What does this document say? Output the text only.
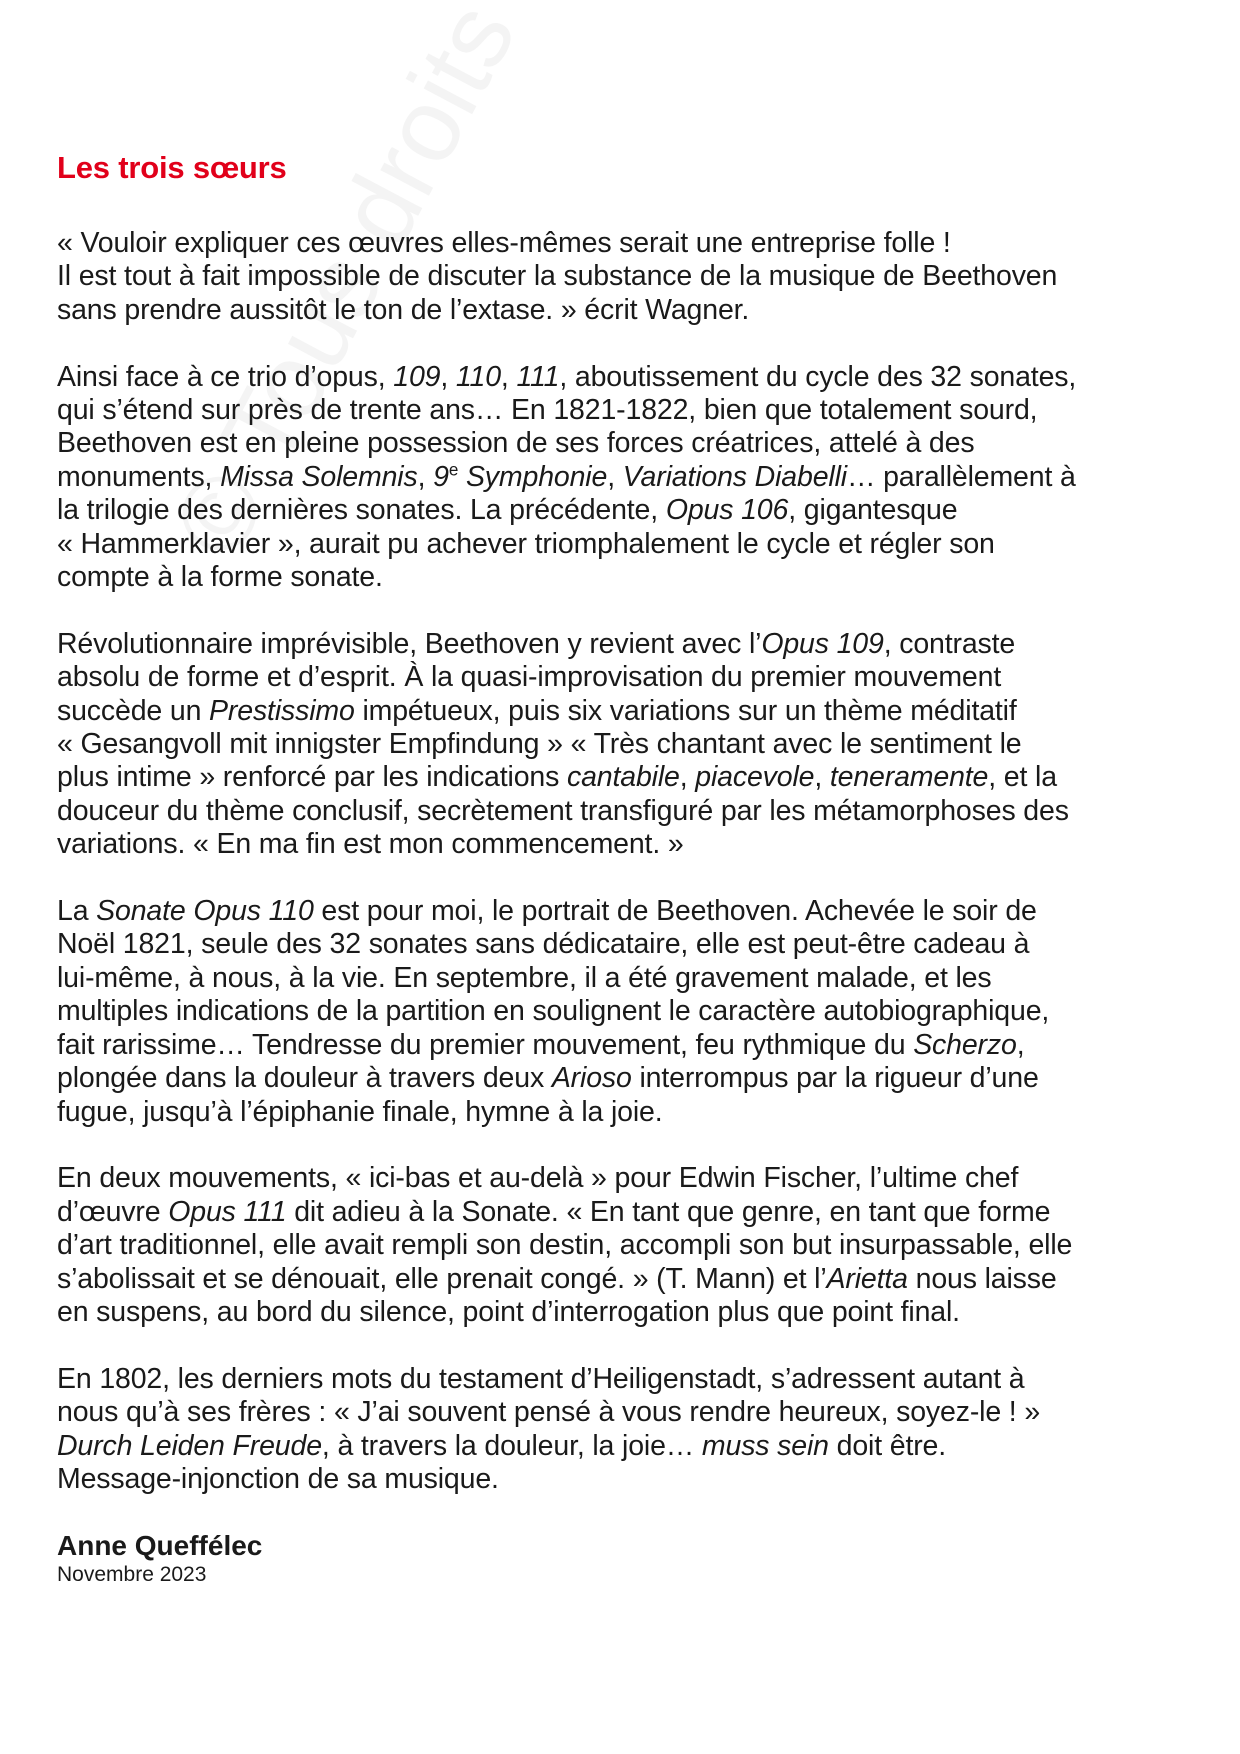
Les trois sœurs
« Vouloir expliquer ces œuvres elles-mêmes serait une entreprise folle !
Il est tout à fait impossible de discuter la substance de la musique de Beethoven
sans prendre aussitôt le ton de l’extase. » écrit Wagner.
Ainsi face à ce trio d’opus, 109, 110, 111, aboutissement du cycle des 32 sonates,
qui s’étend sur près de trente ans… En 1821-1822, bien que totalement sourd,
Beethoven est en pleine possession de ses forces créatrices, attelé à des
monuments, Missa Solemnis, 9e Symphonie, Variations Diabelli… parallèlement à
la trilogie des dernières sonates. La précédente, Opus 106, gigantesque
« Hammerklavier », aurait pu achever triomphalement le cycle et régler son
compte à la forme sonate.
Révolutionnaire imprévisible, Beethoven y revient avec l’Opus 109, contraste
absolu de forme et d’esprit. À la quasi-improvisation du premier mouvement
succède un Prestissimo impétueux, puis six variations sur un thème méditatif
« Gesangvoll mit innigster Empfindung » « Très chantant avec le sentiment le
plus intime » renforcé par les indications cantabile, piacevole, teneramente, et la
douceur du thème conclusif, secrètement transfiguré par les métamorphoses des
variations. « En ma fin est mon commencement. »
La Sonate Opus 110 est pour moi, le portrait de Beethoven. Achevée le soir de
Noël 1821, seule des 32 sonates sans dédicataire, elle est peut-être cadeau à
lui-même, à nous, à la vie. En septembre, il a été gravement malade, et les
multiples indications de la partition en soulignent le caractère autobiographique,
fait rarissime… Tendresse du premier mouvement, feu rythmique du Scherzo,
plongée dans la douleur à travers deux Arioso interrompus par la rigueur d’une
fugue, jusqu’à l’épiphanie finale, hymne à la joie.
En deux mouvements, « ici-bas et au-delà » pour Edwin Fischer, l’ultime chef
d’œuvre Opus 111 dit adieu à la Sonate. « En tant que genre, en tant que forme
d’art traditionnel, elle avait rempli son destin, accompli son but insurpassable, elle
s’abolissait et se dénouait, elle prenait congé. » (T. Mann) et l’Arietta nous laisse
en suspens, au bord du silence, point d’interrogation plus que point final.
En 1802, les derniers mots du testament d’Heiligenstadt, s’adressent autant à
nous qu’à ses frères : « J’ai souvent pensé à vous rendre heureux, soyez-le ! »
Durch Leiden Freude, à travers la douleur, la joie… muss sein doit être.
Message-injonction de sa musique.
Anne Queffélec
Novembre 2023
